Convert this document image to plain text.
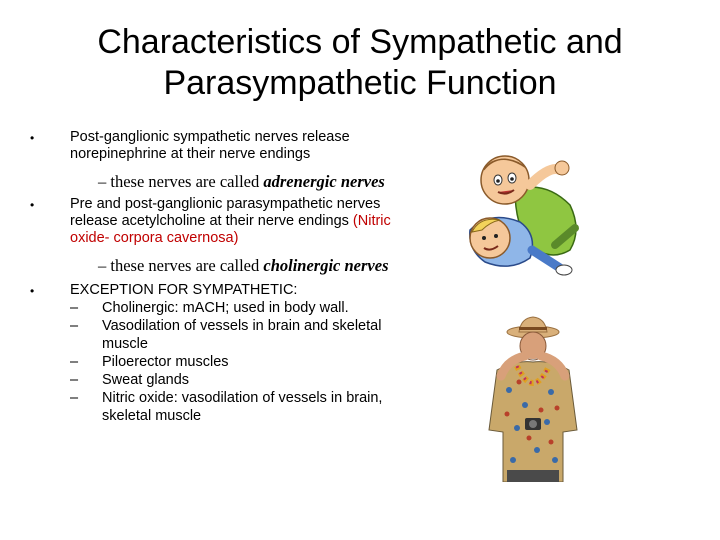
Characteristics of Sympathetic and
Parasympathetic Function
• Post-ganglionic sympathetic nerves release
norepinephrine at their nerve endings
– these nerves are called adrenergic nerves
• Pre and post-ganglionic parasympathetic nerves
release acetylcholine at their nerve endings (Nitric
oxide- corpora cavernosa)
– these nerves are called cholinergic nerves
• EXCEPTION FOR SYMPATHETIC:
– Cholinergic: mACH; used in body wall.
– Vasodilation of vessels in brain and skeletal
muscle
– Piloerector muscles
– Sweat glands
– Nitric oxide: vasodilation of vessels in brain,
skeletal muscle
